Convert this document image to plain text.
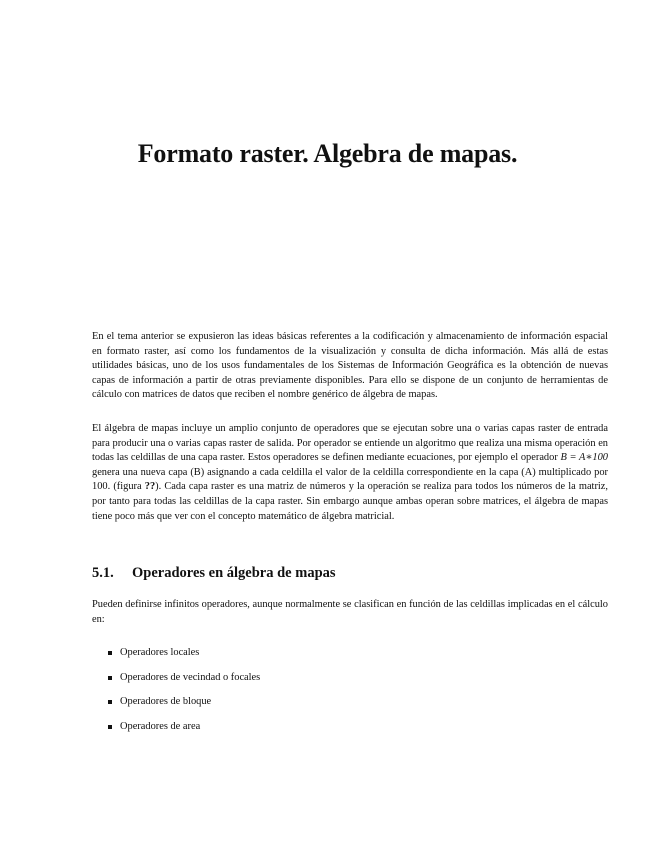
Formato raster. Algebra de mapas.

En el tema anterior se expusieron las ideas básicas referentes a la codificación y almacenamiento de información espacial en formato raster, así como los fundamentos de la visualización y consulta de dicha información. Más allá de estas utilidades básicas, uno de los usos fundamentales de los Sistemas de Información Geográfica es la obtención de nuevas capas de información a partir de otras previamente disponibles. Para ello se dispone de un conjunto de herramientas de cálculo con matrices de datos que reciben el nombre genérico de álgebra de mapas.

El álgebra de mapas incluye un amplio conjunto de operadores que se ejecutan sobre una o varias capas raster de entrada para producir una o varias capas raster de salida. Por operador se entiende un algoritmo que realiza una misma operación en todas las celdillas de una capa raster. Estos operadores se definen mediante ecuaciones, por ejemplo el operador B = A∗100 genera una nueva capa (B) asignando a cada celdilla el valor de la celdilla correspondiente en la capa (A) multiplicado por 100. (figura ??). Cada capa raster es una matriz de números y la operación se realiza para todos los números de la matriz, por tanto para todas las celdillas de la capa raster. Sin embargo aunque ambas operan sobre matrices, el álgebra de mapas tiene poco más que ver con el concepto matemático de álgebra matricial.

5.1. Operadores en álgebra de mapas

Pueden definirse infinitos operadores, aunque normalmente se clasifican en función de las celdillas implicadas en el cálculo en:

Operadores locales
Operadores de vecindad o focales
Operadores de bloque
Operadores de area
